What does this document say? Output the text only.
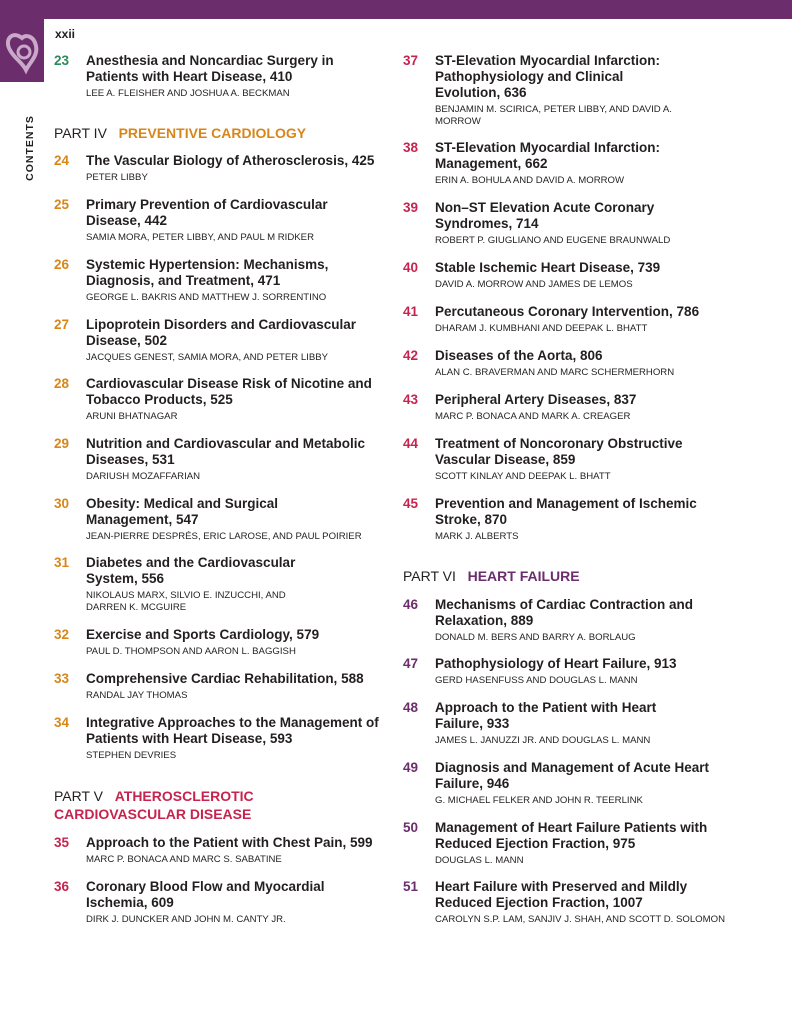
xxii
CONTENTS
23 Anesthesia and Noncardiac Surgery in Patients with Heart Disease, 410
LEE A. FLEISHER AND JOSHUA A. BECKMAN
PART IV PREVENTIVE CARDIOLOGY
24 The Vascular Biology of Atherosclerosis, 425
PETER LIBBY
25 Primary Prevention of Cardiovascular Disease, 442
SAMIA MORA, PETER LIBBY, AND PAUL M RIDKER
26 Systemic Hypertension: Mechanisms, Diagnosis, and Treatment, 471
GEORGE L. BAKRIS AND MATTHEW J. SORRENTINO
27 Lipoprotein Disorders and Cardiovascular Disease, 502
JACQUES GENEST, SAMIA MORA, AND PETER LIBBY
28 Cardiovascular Disease Risk of Nicotine and Tobacco Products, 525
ARUNI BHATNAGAR
29 Nutrition and Cardiovascular and Metabolic Diseases, 531
DARIUSH MOZAFFARIAN
30 Obesity: Medical and Surgical Management, 547
JEAN-PIERRE DESPRÉS, ERIC LAROSE, AND PAUL POIRIER
31 Diabetes and the Cardiovascular System, 556
NIKOLAUS MARX, SILVIO E. INZUCCHI, AND DARREN K. MCGUIRE
32 Exercise and Sports Cardiology, 579
PAUL D. THOMPSON AND AARON L. BAGGISH
33 Comprehensive Cardiac Rehabilitation, 588
RANDAL JAY THOMAS
34 Integrative Approaches to the Management of Patients with Heart Disease, 593
STEPHEN DEVRIES
PART V ATHEROSCLEROTIC CARDIOVASCULAR DISEASE
35 Approach to the Patient with Chest Pain, 599
MARC P. BONACA AND MARC S. SABATINE
36 Coronary Blood Flow and Myocardial Ischemia, 609
DIRK J. DUNCKER AND JOHN M. CANTY JR.
37 ST-Elevation Myocardial Infarction: Pathophysiology and Clinical Evolution, 636
BENJAMIN M. SCIRICA, PETER LIBBY, AND DAVID A. MORROW
38 ST-Elevation Myocardial Infarction: Management, 662
ERIN A. BOHULA AND DAVID A. MORROW
39 Non–ST Elevation Acute Coronary Syndromes, 714
ROBERT P. GIUGLIANO AND EUGENE BRAUNWALD
40 Stable Ischemic Heart Disease, 739
DAVID A. MORROW AND JAMES DE LEMOS
41 Percutaneous Coronary Intervention, 786
DHARAM J. KUMBHANI AND DEEPAK L. BHATT
42 Diseases of the Aorta, 806
ALAN C. BRAVERMAN AND MARC SCHERMERHORN
43 Peripheral Artery Diseases, 837
MARC P. BONACA AND MARK A. CREAGER
44 Treatment of Noncoronary Obstructive Vascular Disease, 859
SCOTT KINLAY AND DEEPAK L. BHATT
45 Prevention and Management of Ischemic Stroke, 870
MARK J. ALBERTS
PART VI HEART FAILURE
46 Mechanisms of Cardiac Contraction and Relaxation, 889
DONALD M. BERS AND BARRY A. BORLAUG
47 Pathophysiology of Heart Failure, 913
GERD HASENFUSS AND DOUGLAS L. MANN
48 Approach to the Patient with Heart Failure, 933
JAMES L. JANUZZI JR. AND DOUGLAS L. MANN
49 Diagnosis and Management of Acute Heart Failure, 946
G. MICHAEL FELKER AND JOHN R. TEERLINK
50 Management of Heart Failure Patients with Reduced Ejection Fraction, 975
DOUGLAS L. MANN
51 Heart Failure with Preserved and Mildly Reduced Ejection Fraction, 1007
CAROLYN S.P. LAM, SANJIV J. SHAH, AND SCOTT D. SOLOMON
